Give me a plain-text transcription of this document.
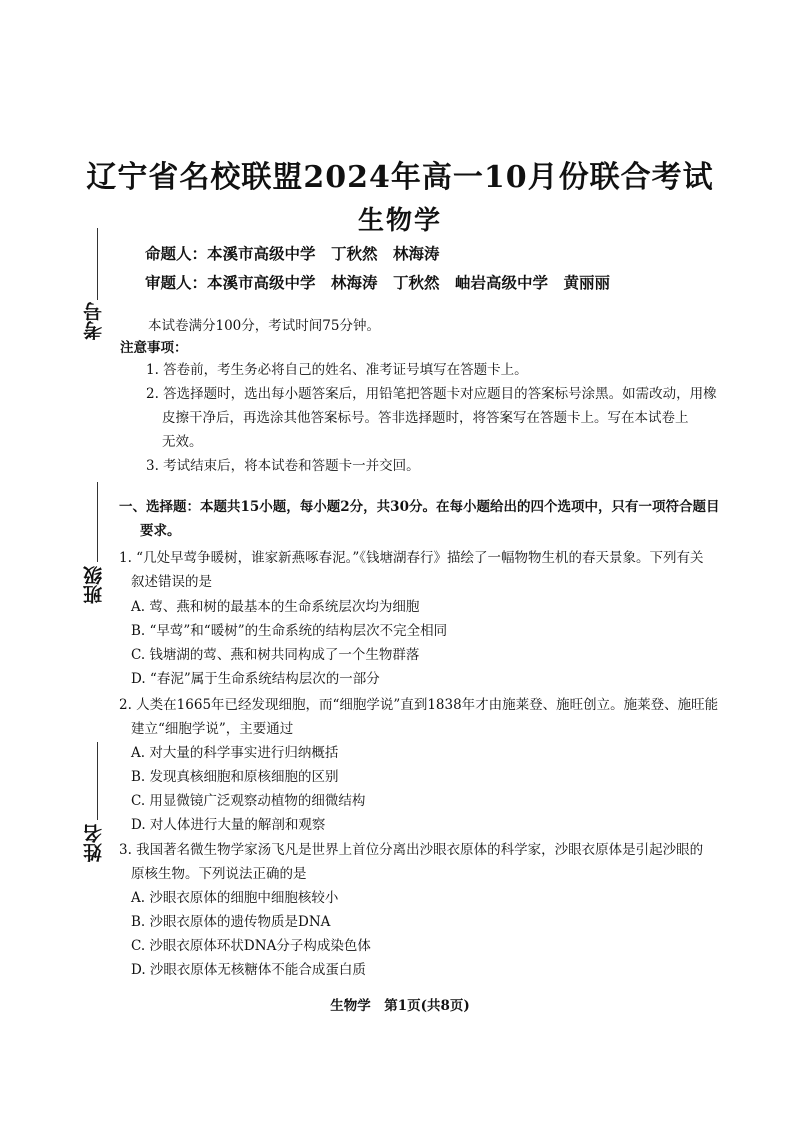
辽宁省名校联盟2024年高一10月份联合考试
生物学
命题人：本溪市高级中学　丁秋然　林海涛
审题人：本溪市高级中学　林海涛　丁秋然　岫岩高级中学　黄丽丽
本试卷满分100分，考试时间75分钟。
注意事项：
1. 答卷前，考生务必将自己的姓名、准考证号填写在答题卡上。
2. 答选择题时，选出每小题答案后，用铅笔把答题卡对应题目的答案标号涂黑。如需改动，用橡
皮擦干净后，再选涂其他答案标号。答非选择题时，将答案写在答题卡上。写在本试卷上
无效。
3. 考试结束后，将本试卷和答题卡一并交回。
一、选择题：本题共15小题，每小题2分，共30分。在每小题给出的四个选项中，只有一项符合题目
要求。
1. “几处早莺争暖树，谁家新燕啄春泥。”《钱塘湖春行》描绘了一幅物物生机的春天景象。下列有关
叙述错误的是
A. 莺、燕和树的最基本的生命系统层次均为细胞
B. “早莺”和“暖树”的生命系统的结构层次不完全相同
C. 钱塘湖的莺、燕和树共同构成了一个生物群落
D. “春泥”属于生命系统结构层次的一部分
2. 人类在1665年已经发现细胞，而“细胞学说”直到1838年才由施莱登、施旺创立。施莱登、施旺能
建立“细胞学说”，主要通过
A. 对大量的科学事实进行归纳概括
B. 发现真核细胞和原核细胞的区别
C. 用显微镜广泛观察动植物的细微结构
D. 对人体进行大量的解剖和观察
3. 我国著名微生物学家汤飞凡是世界上首位分离出沙眼衣原体的科学家，沙眼衣原体是引起沙眼的
原核生物。下列说法正确的是
A. 沙眼衣原体的细胞中细胞核较小
B. 沙眼衣原体的遗传物质是DNA
C. 沙眼衣原体环状DNA分子构成染色体
D. 沙眼衣原体无核糖体不能合成蛋白质
生物学　第1页(共8页)
考号
班级
姓名
